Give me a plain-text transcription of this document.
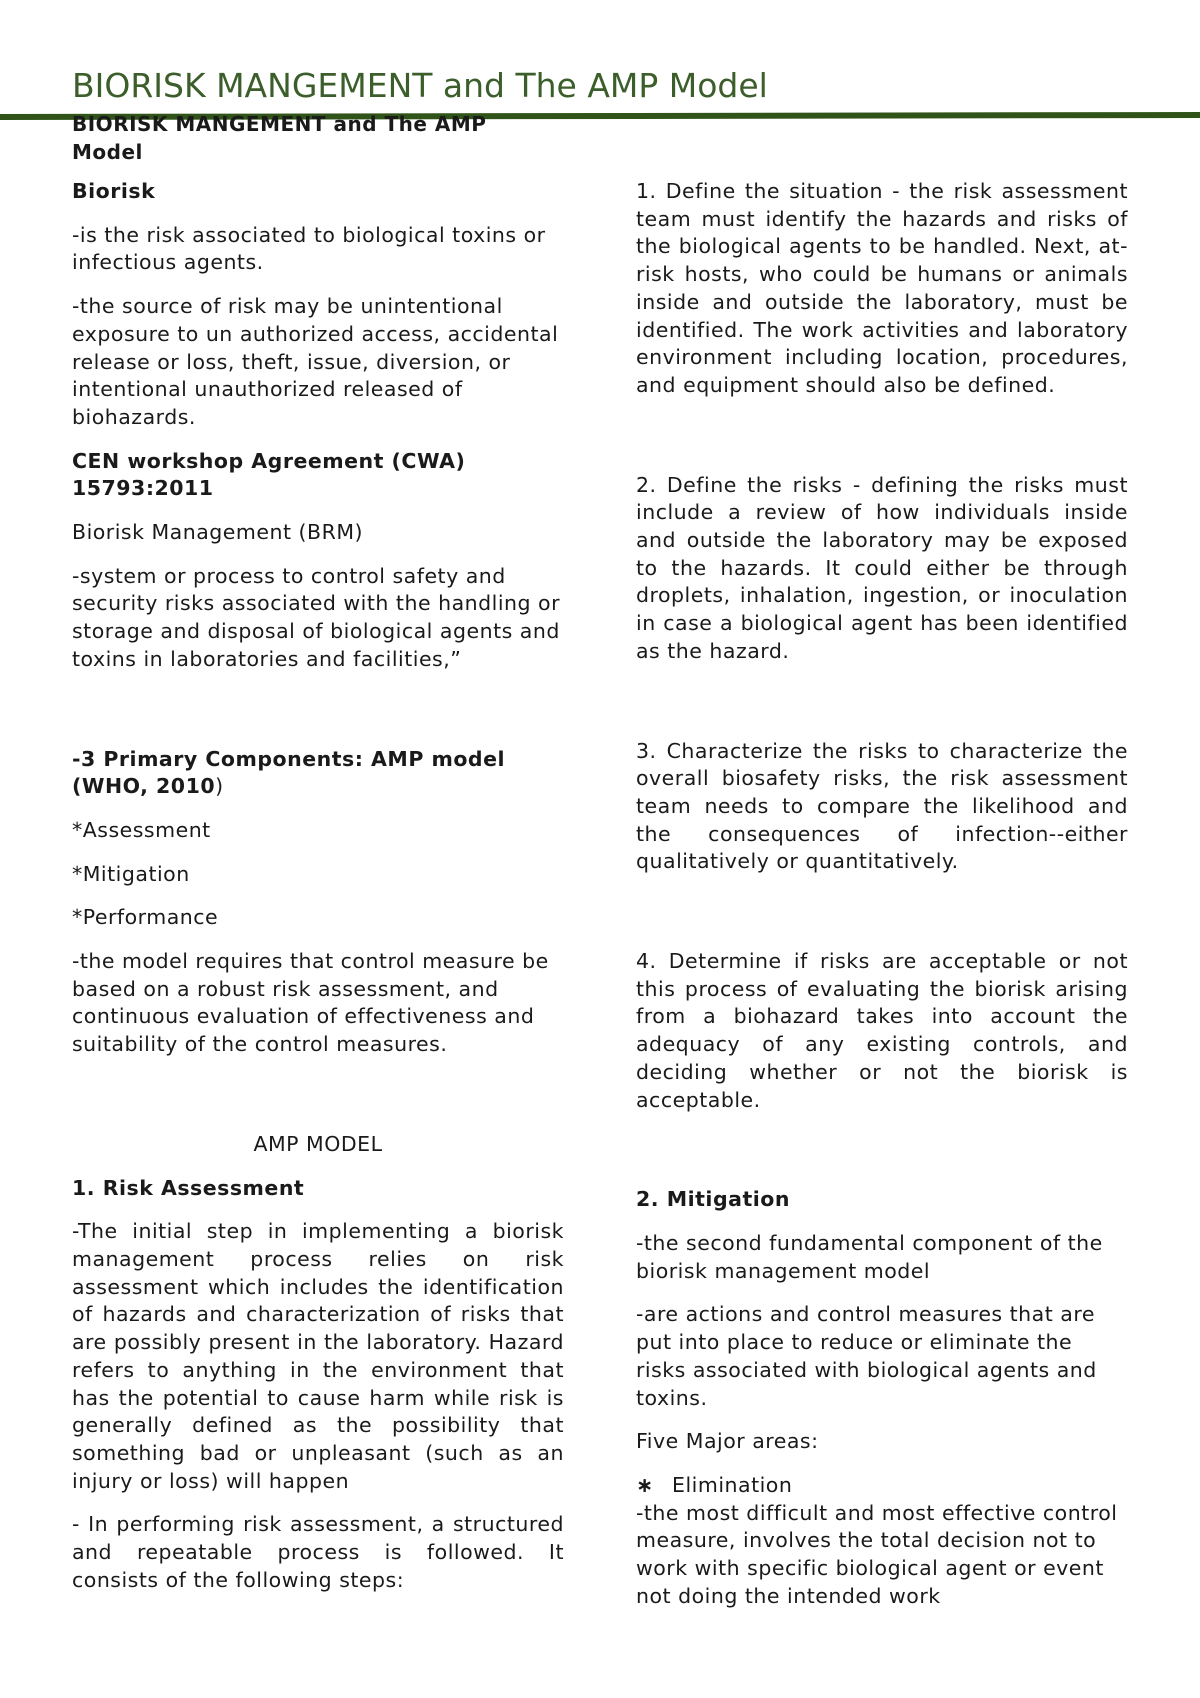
BIORISK MANGEMENT and The AMP Model
BIORISK MANGEMENT and The AMP Model

Biorisk

-is the risk associated to biological toxins or infectious agents.

-the source of risk may be unintentional exposure to un authorized access, accidental release or loss, theft, issue, diversion, or intentional unauthorized released of biohazards.

CEN workshop Agreement (CWA) 15793:2011

Biorisk Management (BRM)

-system or process to control safety and security risks associated with the handling or storage and disposal of biological agents and toxins in laboratories and facilities,”

-3 Primary Components: AMP model (WHO, 2010)

*Assessment

*Mitigation

*Performance

-the model requires that control measure be based on a robust risk assessment, and continuous evaluation of effectiveness and suitability of the control measures.

AMP MODEL

1. Risk Assessment

-The initial step in implementing a biorisk management process relies on risk assessment which includes the identification of hazards and characterization of risks that are possibly present in the laboratory. Hazard refers to anything in the environment that has the potential to cause harm while risk is generally defined as the possibility that something bad or unpleasant (such as an injury or loss) will happen

- In performing risk assessment, a structured and repeatable process is followed. It consists of the following steps:

1. Define the situation - the risk assessment team must identify the hazards and risks of the biological agents to be handled. Next, at-risk hosts, who could be humans or animals inside and outside the laboratory, must be identified. The work activities and laboratory environment including location, procedures, and equipment should also be defined.

2. Define the risks - defining the risks must include a review of how individuals inside and outside the laboratory may be exposed to the hazards. It could either be through droplets, inhalation, ingestion, or inoculation in case a biological agent has been identified as the hazard.

3. Characterize the risks to characterize the overall biosafety risks, the risk assessment team needs to compare the likelihood and the consequences of infection--either qualitatively or quantitatively.

4. Determine if risks are acceptable or not this process of evaluating the biorisk arising from a biohazard takes into account the adequacy of any existing controls, and deciding whether or not the biorisk is acceptable.

2. Mitigation

-the second fundamental component of the biorisk management model

-are actions and control measures that are put into place to reduce or eliminate the risks associated with biological agents and toxins.

Five Major areas:

∗ Elimination

-the most difficult and most effective control measure, involves the total decision not to work with specific biological agent or event not doing the intended work
